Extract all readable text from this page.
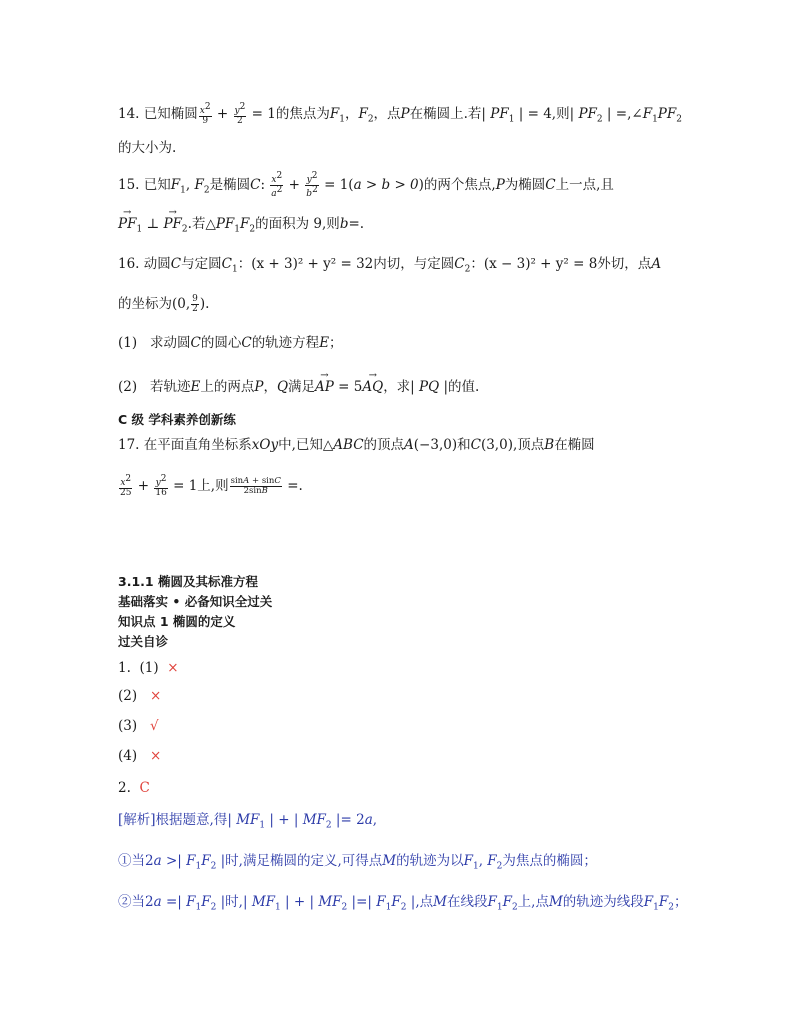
14. 已知椭圆 $\frac{x^2}{9} + \frac{y^2}{2} = 1$的焦点为$F_1$，$F_2$，点P在椭圆上.若| $PF_1$ | = 4,则| $PF_2$ | $=,\angle F_1PF_2$
的大小为.
15. 已知$F_1$, $F_2$是椭圆C: $\frac{x^2}{a^2} + \frac{y^2}{b^2} = 1(a > b > 0)$的两个焦点,P为椭圆C上一点,且
→ $PF_1$ ⊥ → $PF_2$.若$\triangle PF_1F_2$的面积为 9,则b=.
16. 动圆C与定圆$C_1$：(x + 3)² + y² = 32内切，与定圆$C_2$：(x − 3)² + y² = 8外切，点A
的坐标为(0, $\frac{9}{2}$ ).
(1) 求动圆C的圆心C的轨迹方程E；
(2) 若轨迹E上的两点P，Q满足→ AP = 5→ AQ，求| PQ |的值.
C 级 学科素养创新练
17. 在平面直角坐标系xOy中,已知△ABC的顶点A(−3,0)和C(3,0),顶点B在椭圆
$\frac{x^2}{25} + \frac{y^2}{16} = 1$上,则 $\frac{\sin A + \sin C}{2\sin B}$ =.
3.1.1 椭圆及其标准方程
基础落实 • 必备知识全过关
知识点 1 椭圆的定义
过关自诊
1. (1) ×
(2) ×
(3) √
(4) ×
2. C
[解析]根据题意,得| $MF_1$ | + | $MF_2$ |= 2a,
①当2a >| $F_1F_2$ |时,满足椭圆的定义,可得点M的轨迹为以$F_1$, $F_2$为焦点的椭圆；
②当2a =| $F_1F_2$ |时,| $MF_1$ | + | $MF_2$ |=| $F_1F_2$ |,点M在线段$F_1F_2$上,点M的轨迹为线段$F_1F_2$；
